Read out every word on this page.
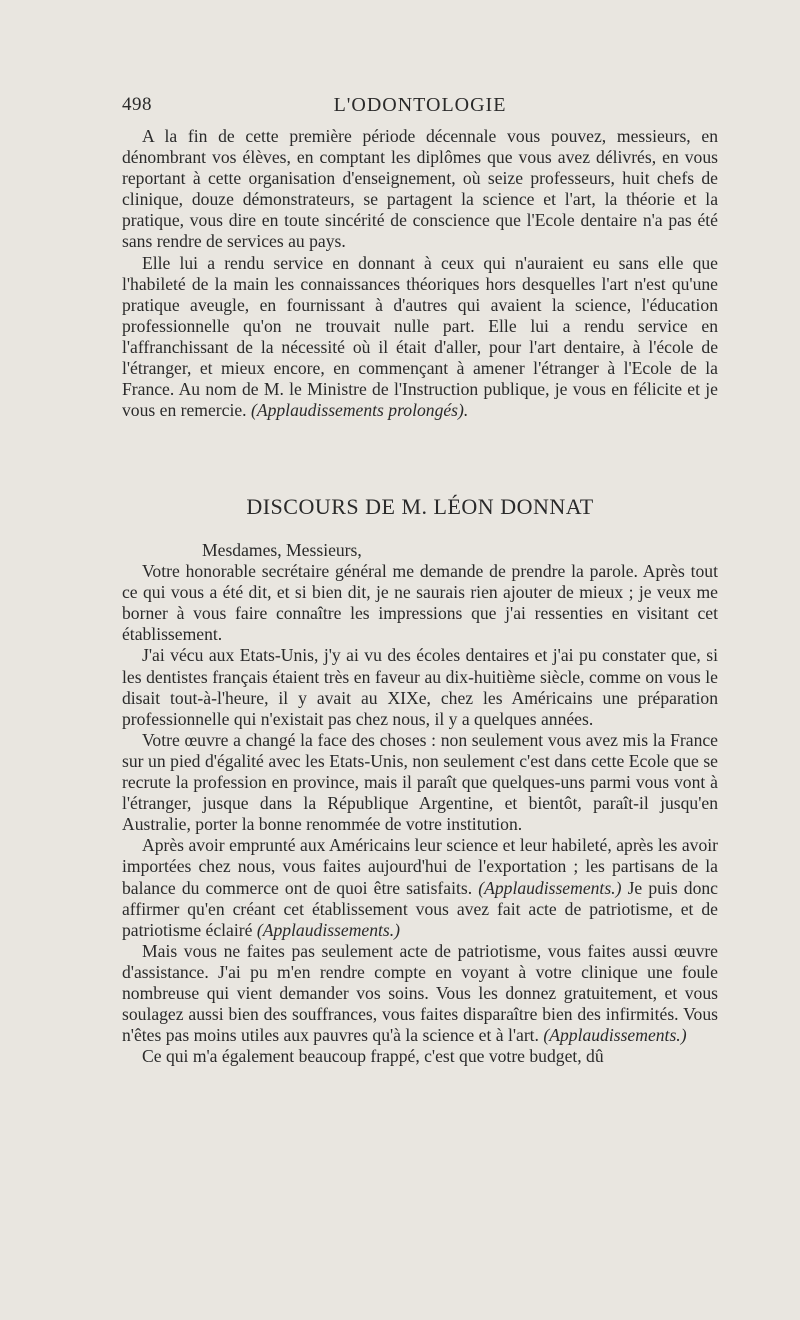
498	L'ODONTOLOGIE

A la fin de cette première période décennale vous pouvez, messieurs, en dénombrant vos élèves, en comptant les diplômes que vous avez délivrés, en vous reportant à cette organisation d'enseignement, où seize professeurs, huit chefs de clinique, douze démonstrateurs, se partagent la science et l'art, la théorie et la pratique, vous dire en toute sincérité de conscience que l'Ecole dentaire n'a pas été sans rendre de services au pays.

Elle lui a rendu service en donnant à ceux qui n'auraient eu sans elle que l'habileté de la main les connaissances théoriques hors desquelles l'art n'est qu'une pratique aveugle, en fournissant à d'autres qui avaient la science, l'éducation professionnelle qu'on ne trouvait nulle part. Elle lui a rendu service en l'affranchissant de la nécessité où il était d'aller, pour l'art dentaire, à l'école de l'étranger, et mieux encore, en commençant à amener l'étranger à l'Ecole de la France. Au nom de M. le Ministre de l'Instruction publique, je vous en félicite et je vous en remercie. (Applaudissements prolongés).

DISCOURS DE M. LÉON DONNAT

Mesdames, Messieurs,

Votre honorable secrétaire général me demande de prendre la parole. Après tout ce qui vous a été dit, et si bien dit, je ne saurais rien ajouter de mieux ; je veux me borner à vous faire connaître les impressions que j'ai ressenties en visitant cet établissement.

J'ai vécu aux Etats-Unis, j'y ai vu des écoles dentaires et j'ai pu constater que, si les dentistes français étaient très en faveur au dix-huitième siècle, comme on vous le disait tout-à-l'heure, il y avait au XIXe, chez les Américains une préparation professionnelle qui n'existait pas chez nous, il y a quelques années.

Votre œuvre a changé la face des choses : non seulement vous avez mis la France sur un pied d'égalité avec les Etats-Unis, non seulement c'est dans cette Ecole que se recrute la profession en province, mais il paraît que quelques-uns parmi vous vont à l'étranger, jusque dans la République Argentine, et bientôt, paraît-il jusqu'en Australie, porter la bonne renommée de votre institution.

Après avoir emprunté aux Américains leur science et leur habileté, après les avoir importées chez nous, vous faites aujourd'hui de l'exportation ; les partisans de la balance du commerce ont de quoi être satisfaits. (Applaudissements.) Je puis donc affirmer qu'en créant cet établissement vous avez fait acte de patriotisme, et de patriotisme éclairé (Applaudissements.)

Mais vous ne faites pas seulement acte de patriotisme, vous faites aussi œuvre d'assistance. J'ai pu m'en rendre compte en voyant à votre clinique une foule nombreuse qui vient demander vos soins. Vous les donnez gratuitement, et vous soulagez aussi bien des souffrances, vous faites disparaître bien des infirmités. Vous n'êtes pas moins utiles aux pauvres qu'à la science et à l'art. (Applaudissements.)

Ce qui m'a également beaucoup frappé, c'est que votre budget, dû
